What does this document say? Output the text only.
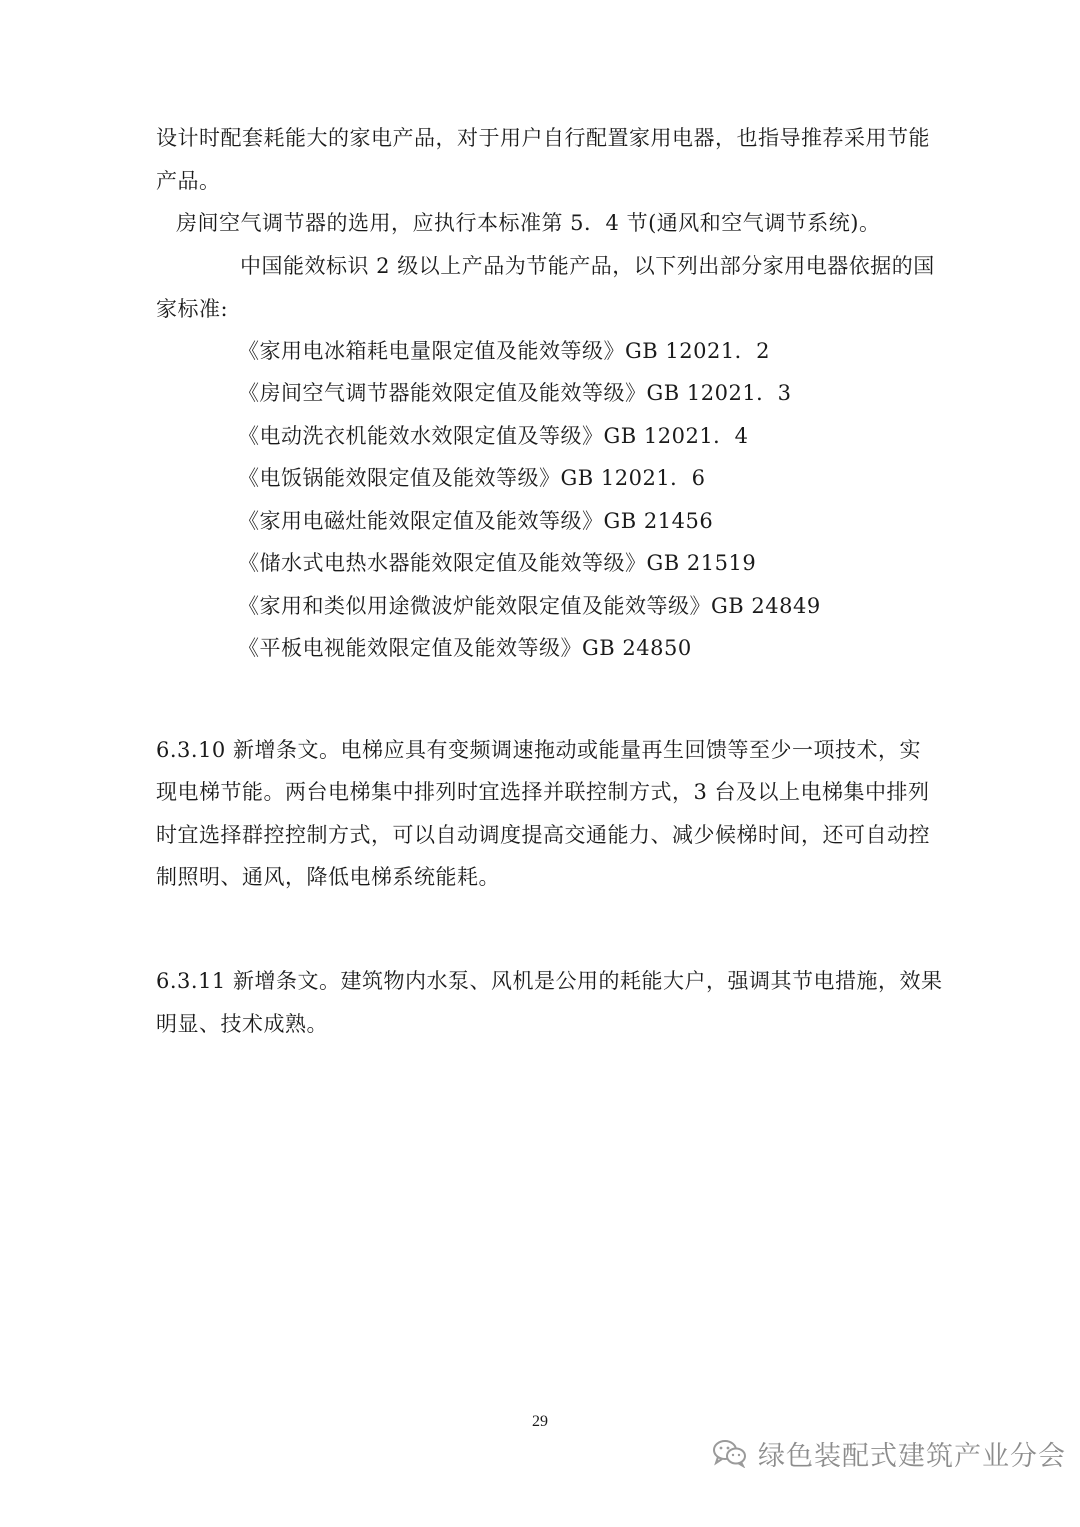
设计时配套耗能大的家电产品，对于用户自行配置家用电器，也指导推荐采用节能
产品。
房间空气调节器的选用，应执行本标准第 5．4 节(通风和空气调节系统)。
中国能效标识 2 级以上产品为节能产品，以下列出部分家用电器依据的国
家标准:
《家用电冰箱耗电量限定值及能效等级》GB 12021．2
《房间空气调节器能效限定值及能效等级》GB 12021．3
《电动洗衣机能效水效限定值及等级》GB 12021．4
《电饭锅能效限定值及能效等级》GB 12021．6
《家用电磁灶能效限定值及能效等级》GB 21456
《储水式电热水器能效限定值及能效等级》GB 21519
《家用和类似用途微波炉能效限定值及能效等级》GB 24849
《平板电视能效限定值及能效等级》GB 24850
6.3.10 新增条文。电梯应具有变频调速拖动或能量再生回馈等至少一项技术，实
现电梯节能。两台电梯集中排列时宜选择并联控制方式，3 台及以上电梯集中排列
时宜选择群控控制方式，可以自动调度提高交通能力、减少候梯时间，还可自动控
制照明、通风，降低电梯系统能耗。
6.3.11 新增条文。建筑物内水泵、风机是公用的耗能大户，强调其节电措施，效果
明显、技术成熟。
29
绿色装配式建筑产业分会
